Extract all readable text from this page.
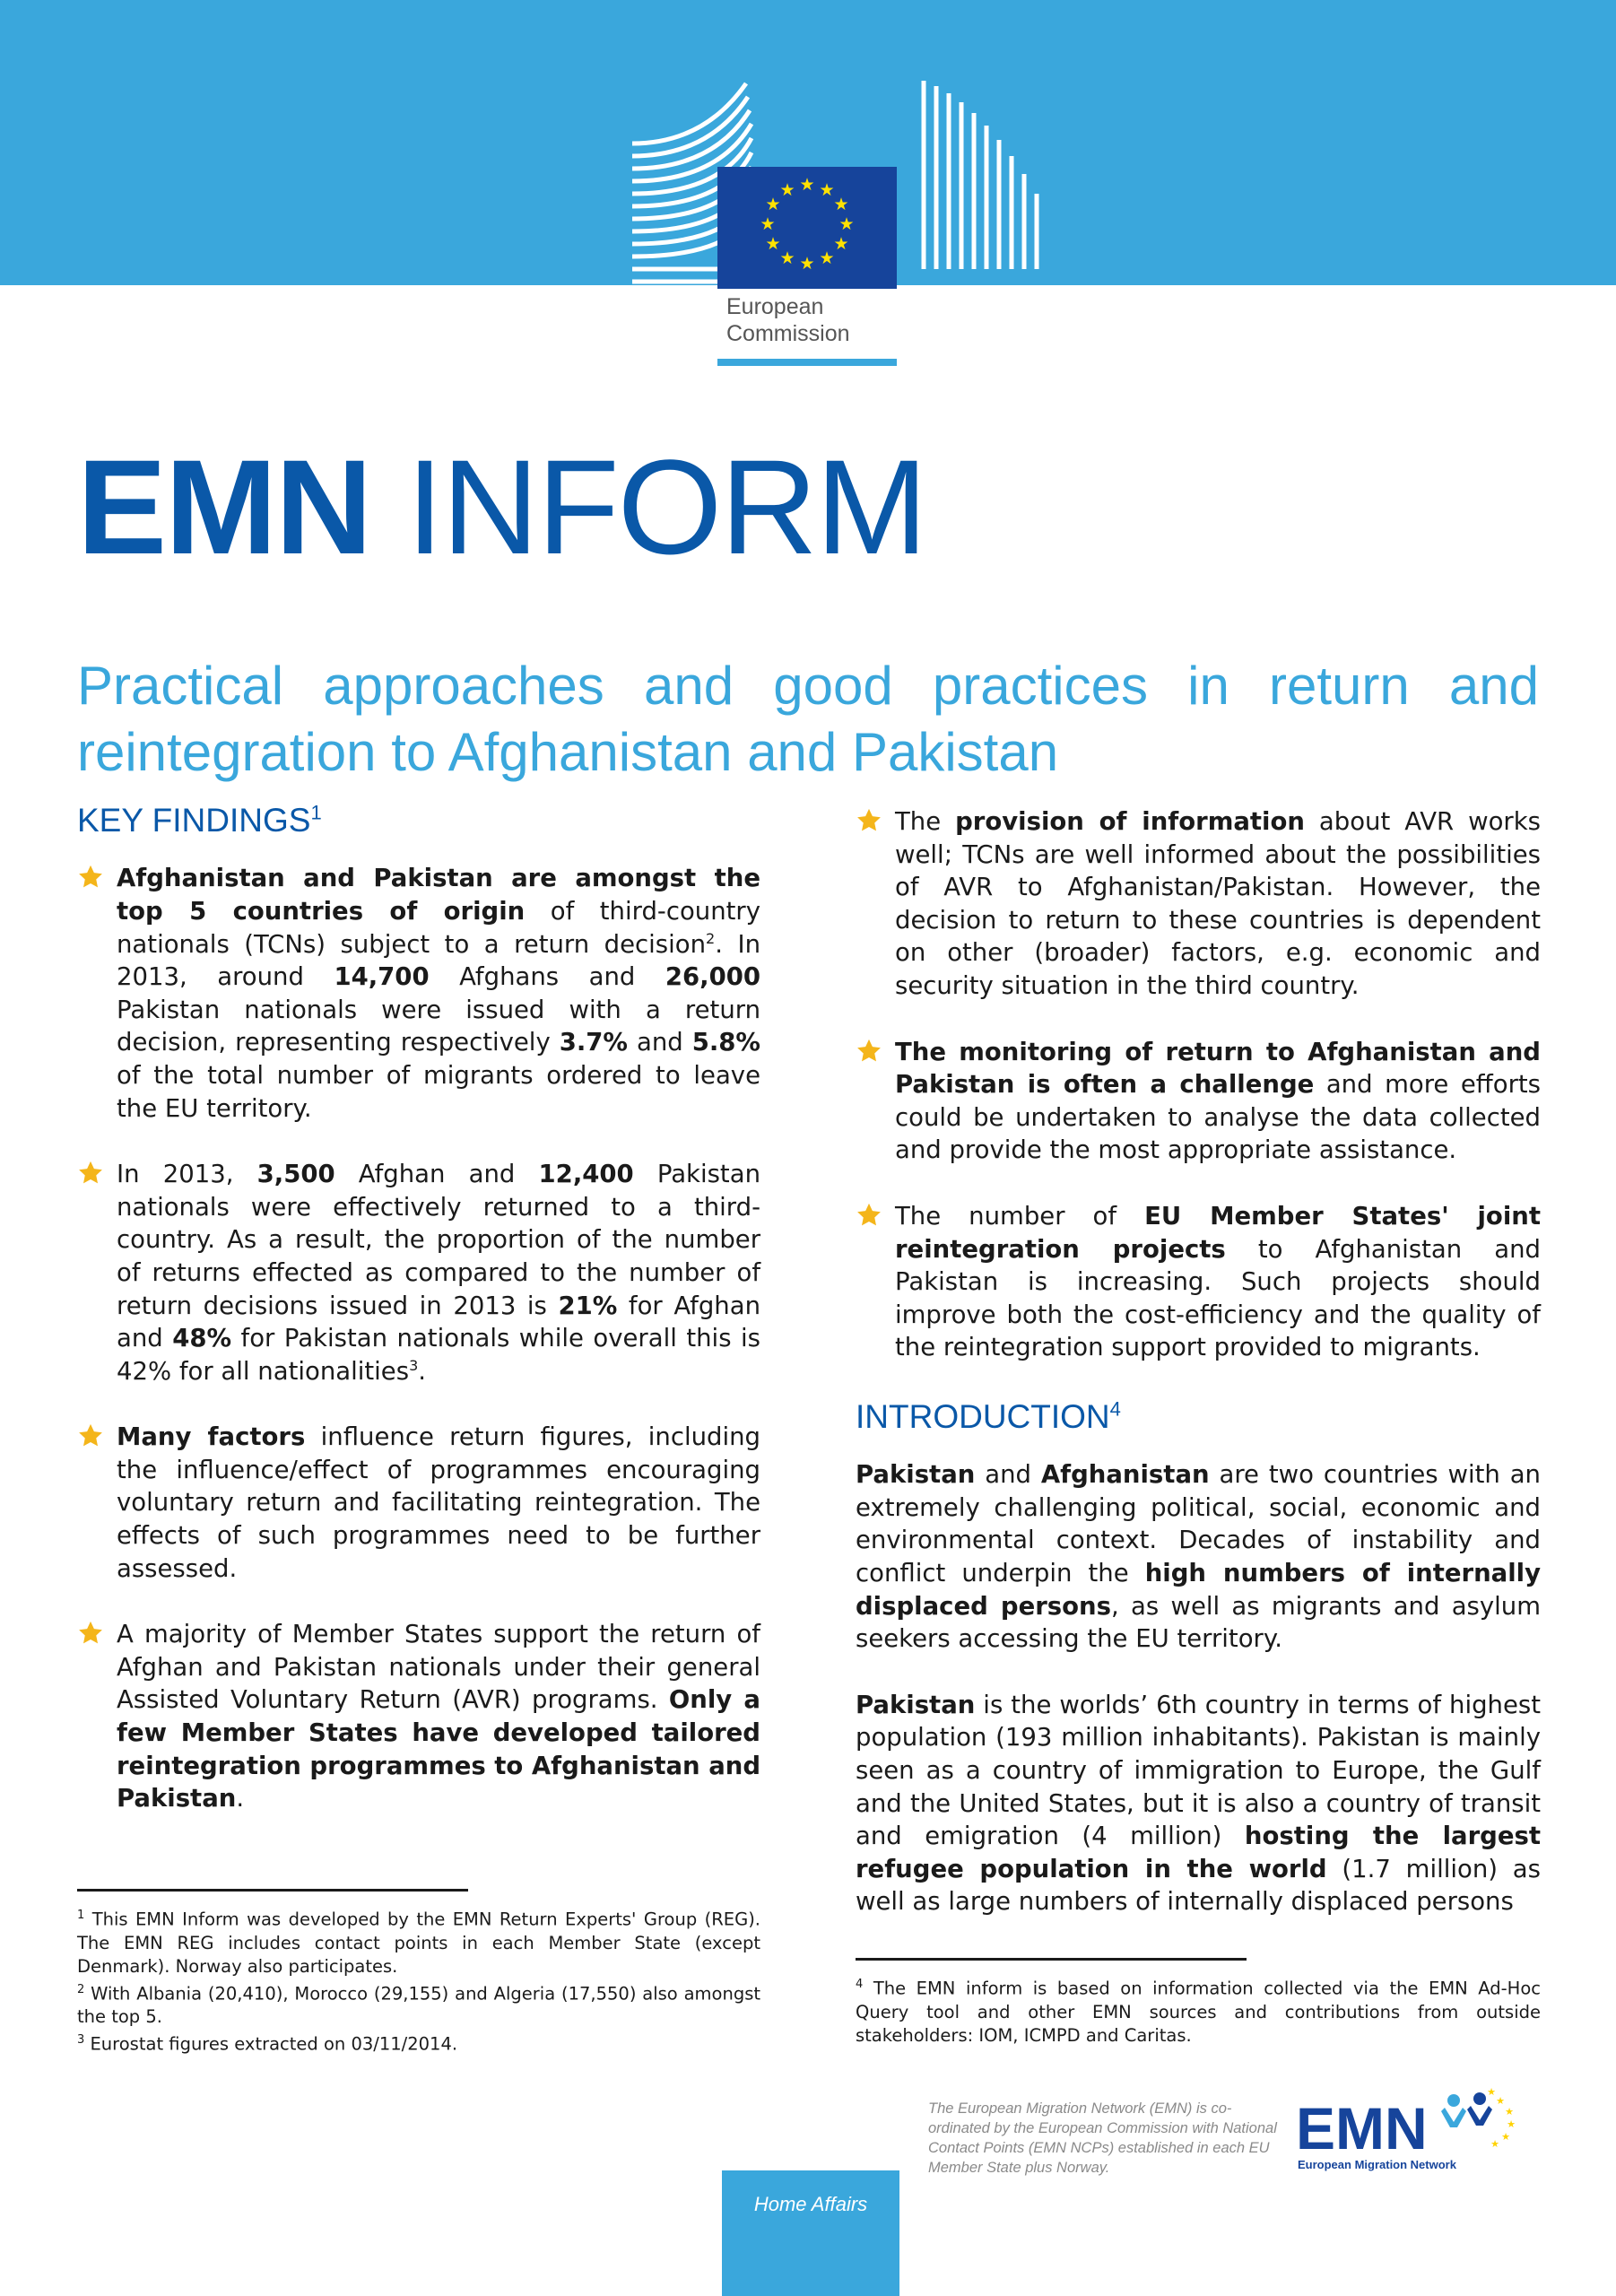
★ ★
★
★
★
★
★
★
★
★
★
★
European
Commission
EMN INFORM
Practical approaches and good practices in return and reintegration to Afghanistan and Pakistan
KEY FINDINGS$^1$
Afghanistan and Pakistan are amongst the top 5 countries of origin of third-country nationals (TCNs) subject to a return decision$^2$. In 2013, around 14,700 Afghans and 26,000 Pakistan nationals were issued with a return decision, representing respectively 3.7% and 5.8% of the total number of migrants ordered to leave the EU territory.
In 2013, 3,500 Afghan and 12,400 Pakistan nationals were effectively returned to a third-country. As a result, the proportion of the number of returns effected as compared to the number of return decisions issued in 2013 is 21% for Afghan and 48% for Pakistan nationals while overall this is 42% for all nationalities$^3$.
Many factors influence return figures, including the influence/effect of programmes encouraging voluntary return and facilitating reintegration. The effects of such programmes need to be further assessed.
A majority of Member States support the return of Afghan and Pakistan nationals under their general Assisted Voluntary Return (AVR) programs. Only a few Member States have developed tailored reintegration programmes to Afghanistan and Pakistan.
The provision of information about AVR works well; TCNs are well informed about the possibilities of AVR to Afghanistan/Pakistan. However, the decision to return to these countries is dependent on other (broader) factors, e.g. economic and security situation in the third country.
The monitoring of return to Afghanistan and Pakistan is often a challenge and more efforts could be undertaken to analyse the data collected and provide the most appropriate assistance.
The number of EU Member States' joint reintegration projects to Afghanistan and Pakistan is increasing. Such projects should improve both the cost-efficiency and the quality of the reintegration support provided to migrants.
INTRODUCTION$^4$
Pakistan and Afghanistan are two countries with an extremely challenging political, social, economic and environmental context. Decades of instability and conflict underpin the high numbers of internally displaced persons, as well as migrants and asylum seekers accessing the EU territory.
Pakistan is the worlds’ 6th country in terms of highest population (193 million inhabitants). Pakistan is mainly seen as a country of immigration to Europe, the Gulf and the United States, but it is also a country of transit and emigration (4 million) hosting the largest refugee population in the world (1.7 million) as well as large numbers of internally displaced persons

$^1$ This EMN Inform was developed by the EMN Return Experts' Group (REG). The EMN REG includes contact points in each Member State (except Denmark). Norway also participates.

$^2$ With Albania (20,410), Morocco (29,155) and Algeria (17,550) also amongst the top 5.

$^3$ Eurostat figures extracted on 03/11/2014.

$^4$ The EMN inform is based on information collected via the EMN Ad-Hoc Query tool and other EMN sources and contributions from outside stakeholders: IOM, ICMPD and Caritas.

The European Migration Network (EMN) is co-ordinated by the European Commission with National Contact Points (EMN NCPs) established in each EU Member State plus Norway.
EMN	★
★
★
★
★
★
European Migration Network
Home Affairs
